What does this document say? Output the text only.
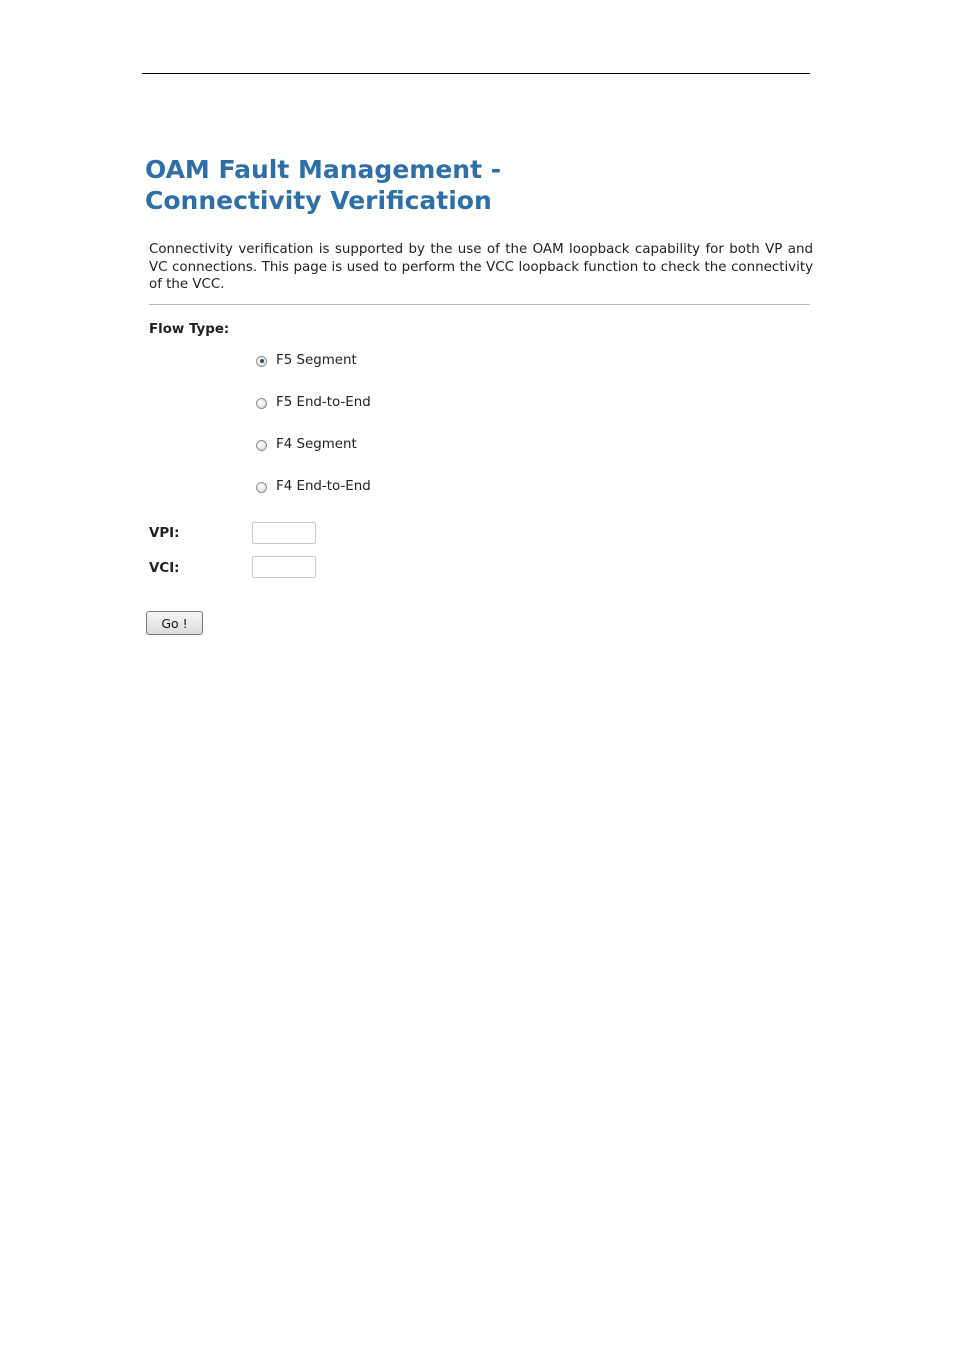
OAM Fault Management - Connectivity Verification

Connectivity verification is supported by the use of the OAM loopback capability for both VP and VC connections. This page is used to perform the VCC loopback function to check the connectivity of the VCC.

Flow Type:
F5 Segment
F5 End-to-End
F4 Segment
F4 End-to-End
VPI:
VCI:
Go !
